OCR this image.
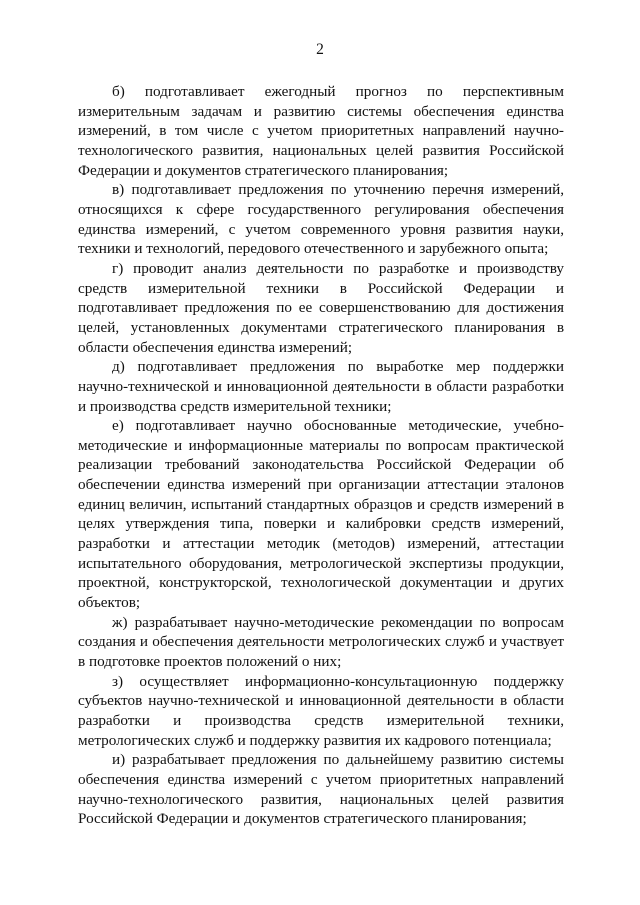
2

б) подготавливает ежегодный прогноз по перспективным измерительным задачам и развитию системы обеспечения единства измерений, в том числе с учетом приоритетных направлений научно-технологического развития, национальных целей развития Российской Федерации и документов стратегического планирования;

в) подготавливает предложения по уточнению перечня измерений, относящихся к сфере государственного регулирования обеспечения единства измерений, с учетом современного уровня развития науки, техники и технологий, передового отечественного и зарубежного опыта;

г) проводит анализ деятельности по разработке и производству средств измерительной техники в Российской Федерации и подготавливает предложения по ее совершенствованию для достижения целей, установленных документами стратегического планирования в области обеспечения единства измерений;

д) подготавливает предложения по выработке мер поддержки научно-технической и инновационной деятельности в области разработки и производства средств измерительной техники;

е) подготавливает научно обоснованные методические, учебно-методические и информационные материалы по вопросам практической реализации требований законодательства Российской Федерации об обеспечении единства измерений при организации аттестации эталонов единиц величин, испытаний стандартных образцов и средств измерений в целях утверждения типа, поверки и калибровки средств измерений, разработки и аттестации методик (методов) измерений, аттестации испытательного оборудования, метрологической экспертизы продукции, проектной, конструкторской, технологической документации и других объектов;

ж) разрабатывает научно-методические рекомендации по вопросам создания и обеспечения деятельности метрологических служб и участвует в подготовке проектов положений о них;

з) осуществляет информационно-консультационную поддержку субъектов научно-технической и инновационной деятельности в области разработки и производства средств измерительной техники, метрологических служб и поддержку развития их кадрового потенциала;

и) разрабатывает предложения по дальнейшему развитию системы обеспечения единства измерений с учетом приоритетных направлений научно-технологического развития, национальных целей развития Российской Федерации и документов стратегического планирования;
